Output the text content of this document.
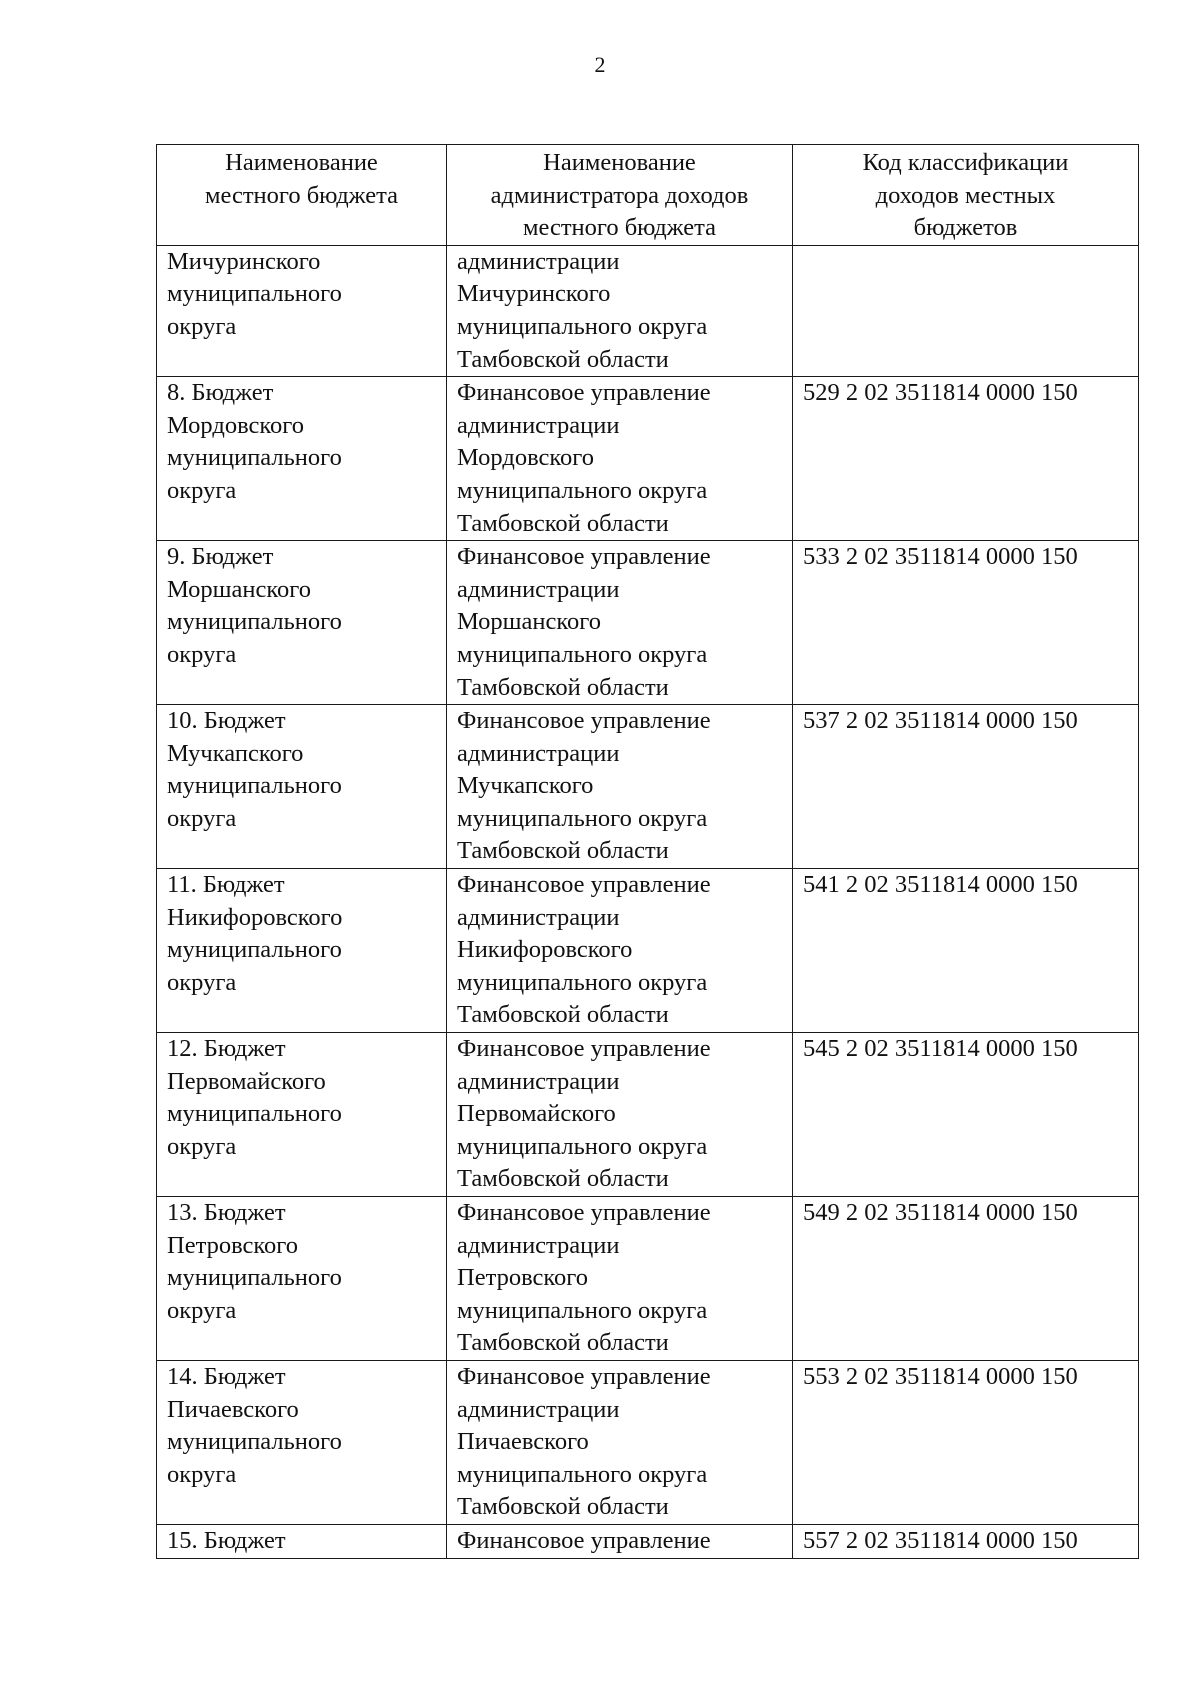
2
Наименование
местного бюджета	Наименование
администратора доходов
местного бюджета	Код классификации
доходов местных
бюджетов
Мичуринского
муниципального
округа	администрации
Мичуринского
муниципального округа
Тамбовской области	
8. Бюджет
Мордовского
муниципального
округа	Финансовое управление
администрации
Мордовского
муниципального округа
Тамбовской области	529 2 02 3511814 0000 150
9. Бюджет
Моршанского
муниципального
округа	Финансовое управление
администрации
Моршанского
муниципального округа
Тамбовской области	533 2 02 3511814 0000 150
10. Бюджет
Мучкапского
муниципального
округа	Финансовое управление
администрации
Мучкапского
муниципального округа
Тамбовской области	537 2 02 3511814 0000 150
11. Бюджет
Никифоровского
муниципального
округа	Финансовое управление
администрации
Никифоровского
муниципального округа
Тамбовской области	541 2 02 3511814 0000 150
12. Бюджет
Первомайского
муниципального
округа	Финансовое управление
администрации
Первомайского
муниципального округа
Тамбовской области	545 2 02 3511814 0000 150
13. Бюджет
Петровского
муниципального
округа	Финансовое управление
администрации
Петровского
муниципального округа
Тамбовской области	549 2 02 3511814 0000 150
14. Бюджет
Пичаевского
муниципального
округа	Финансовое управление
администрации
Пичаевского
муниципального округа
Тамбовской области	553 2 02 3511814 0000 150
15. Бюджет	Финансовое управление	557 2 02 3511814 0000 150
